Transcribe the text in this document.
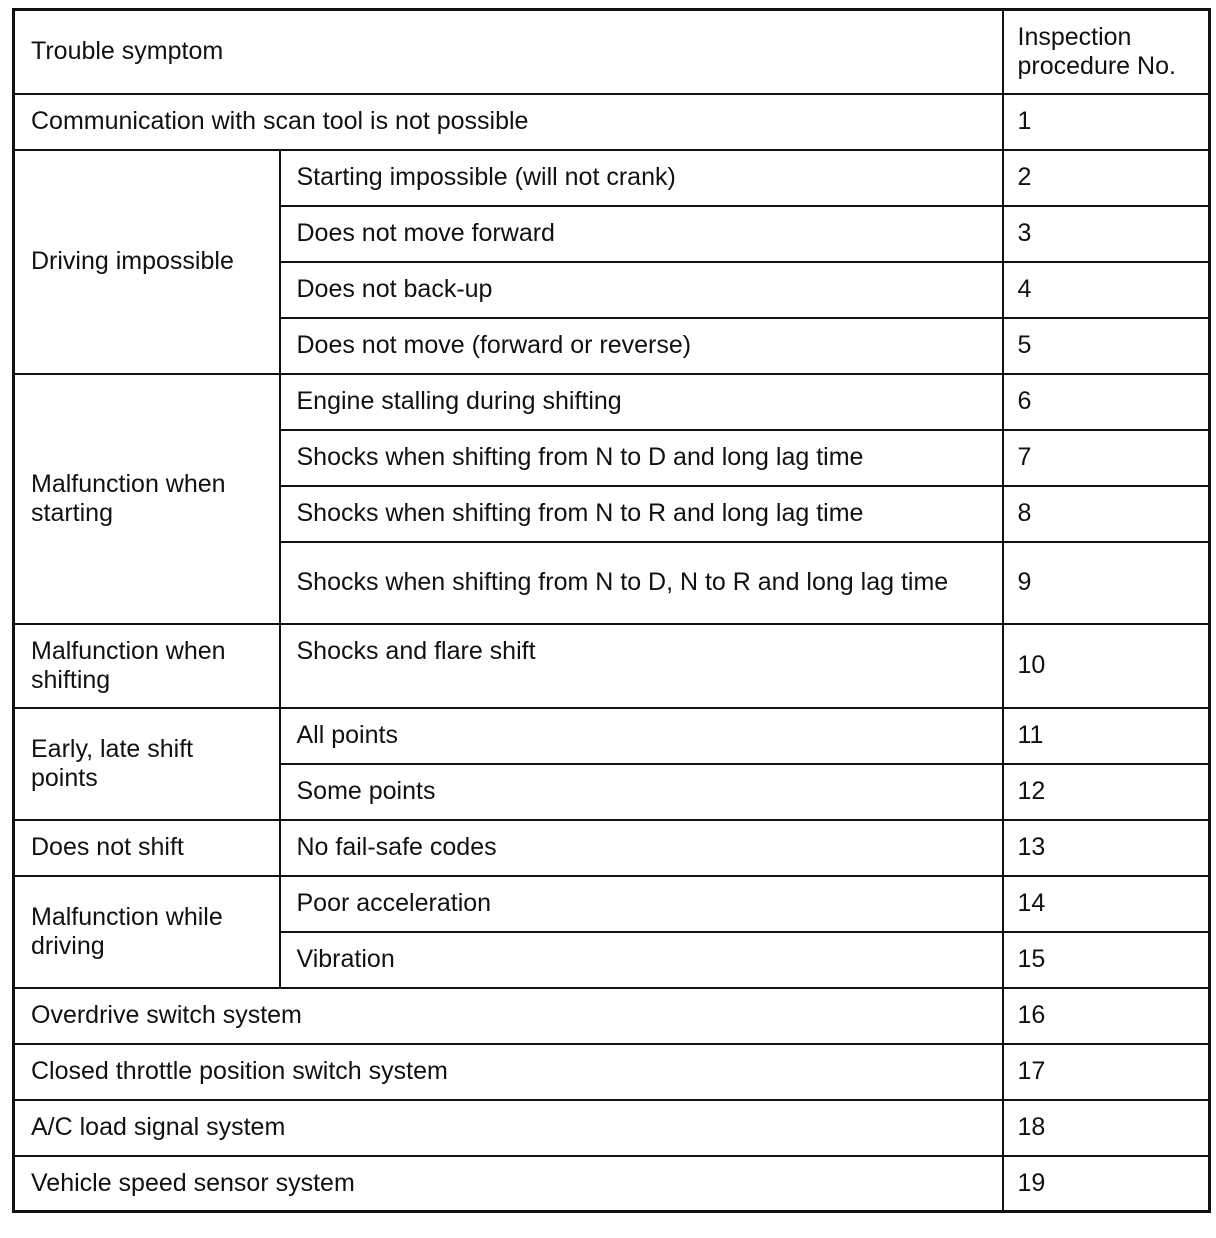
Trouble symptom		Inspection procedure No.
Communication with scan tool is not possible		1
Driving impossible	Starting impossible (will not crank)	2
	Does not move forward	3
	Does not back-up	4
	Does not move (forward or reverse)	5
Malfunction when starting	Engine stalling during shifting	6
	Shocks when shifting from N to D and long lag time	7
	Shocks when shifting from N to R and long lag time	8
	Shocks when shifting from N to D, N to R and long lag time	9
Malfunction when shifting	Shocks and flare shift	10
Early, late shift points	All points	11
	Some points	12
Does not shift	No fail-safe codes	13
Malfunction while driving	Poor acceleration	14
	Vibration	15
Overdrive switch system		16
Closed throttle position switch system		17
A/C load signal system		18
Vehicle speed sensor system		19
